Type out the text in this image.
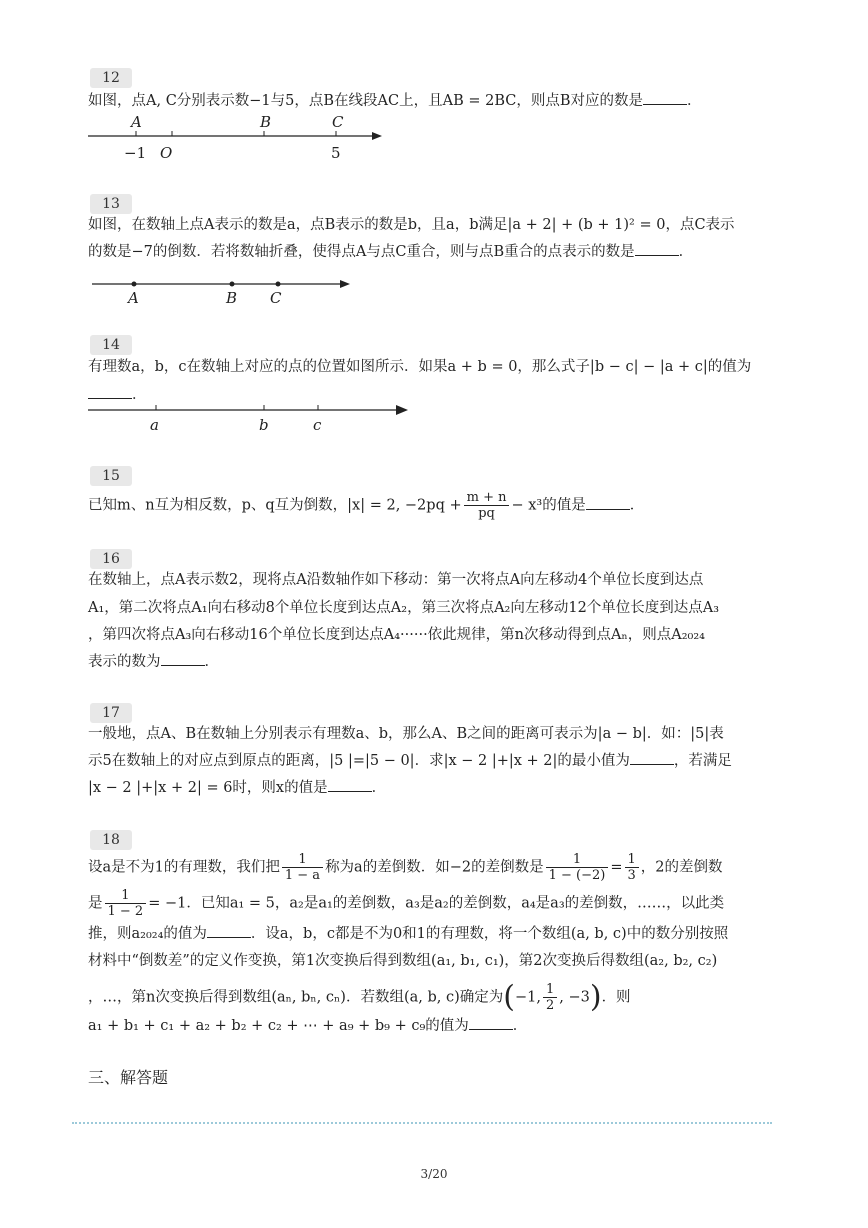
12
如图，点A, C分别表示数−1与5，点B在线段AC上，且AB = 2BC，则点B对应的数是	．
A	B	C
−1 O	5
13
如图，在数轴上点A表示的数是a，点B表示的数是b，且a，b满足|a + 2| + (b + 1)² = 0，点C表示
的数是−7的倒数．若将数轴折叠，使得点A与点C重合，则与点B重合的点表示的数是	．
A	B C
14
有理数a，b，c在数轴上对应的点的位置如图所示．如果a + b = 0，那么式子|b − c| − |a + c|的值为
．
a	b	c
15
已知m、n互为相反数，p、q互为倒数，|x| = 2, $-2pq + \frac{m + n}{pq} - x^3$的值是	．
16
在数轴上，点A表示数2，现将点A沿数轴作如下移动：第一次将点A向左移动4个单位长度到达点
A₁，第二次将点A₁向右移动8个单位长度到达点A₂，第三次将点A₂向左移动12个单位长度到达点A₃
，第四次将点A₃向右移动16个单位长度到达点A₄······依此规律，第n次移动得到点Aₙ，则点A₂₀₂₄
表示的数为	．
17
一般地，点A、B在数轴上分别表示有理数a、b，那么A、B之间的距离可表示为|a − b|．如：|5|表
示5在数轴上的对应点到原点的距离，|5 |=|5 − 0|．求|x − 2 |+|x + 2|的最小值为	，若满足
|x − 2 |+|x + 2| = 6时，则x的值是	．
18
设a是不为1的有理数，我们把 $\frac{1}{1 - a}$ 称为a的差倒数．如−2的差倒数是 $\frac{1}{1 - (-2)} = \frac{1}{3}$ ，2的差倒数
是 $\frac{1}{1 - 2} = -1$．已知a₁ = 5，a₂是a₁的差倒数，a₃是a₂的差倒数，a₄是a₃的差倒数，……，以此类
推，则a₂₀₂₄的值为	．设a，b，c都是不为0和1的有理数，将一个数组(a, b, c)中的数分别按照
材料中“倒数差”的定义作变换，第1次变换后得到数组(a₁, b₁, c₁)，第2次变换后得数组(a₂, b₂, c₂)
，…，第n次变换后得到数组(aₙ, bₙ, cₙ)．若数组(a, b, c)确定为(−1, $\frac{1}{2}$ , −3)．则
a₁ + b₁ + c₁ + a₂ + b₂ + c₂ + ⋯ + a₉ + b₉ + c₉的值为	．
三、解答题
3/20
